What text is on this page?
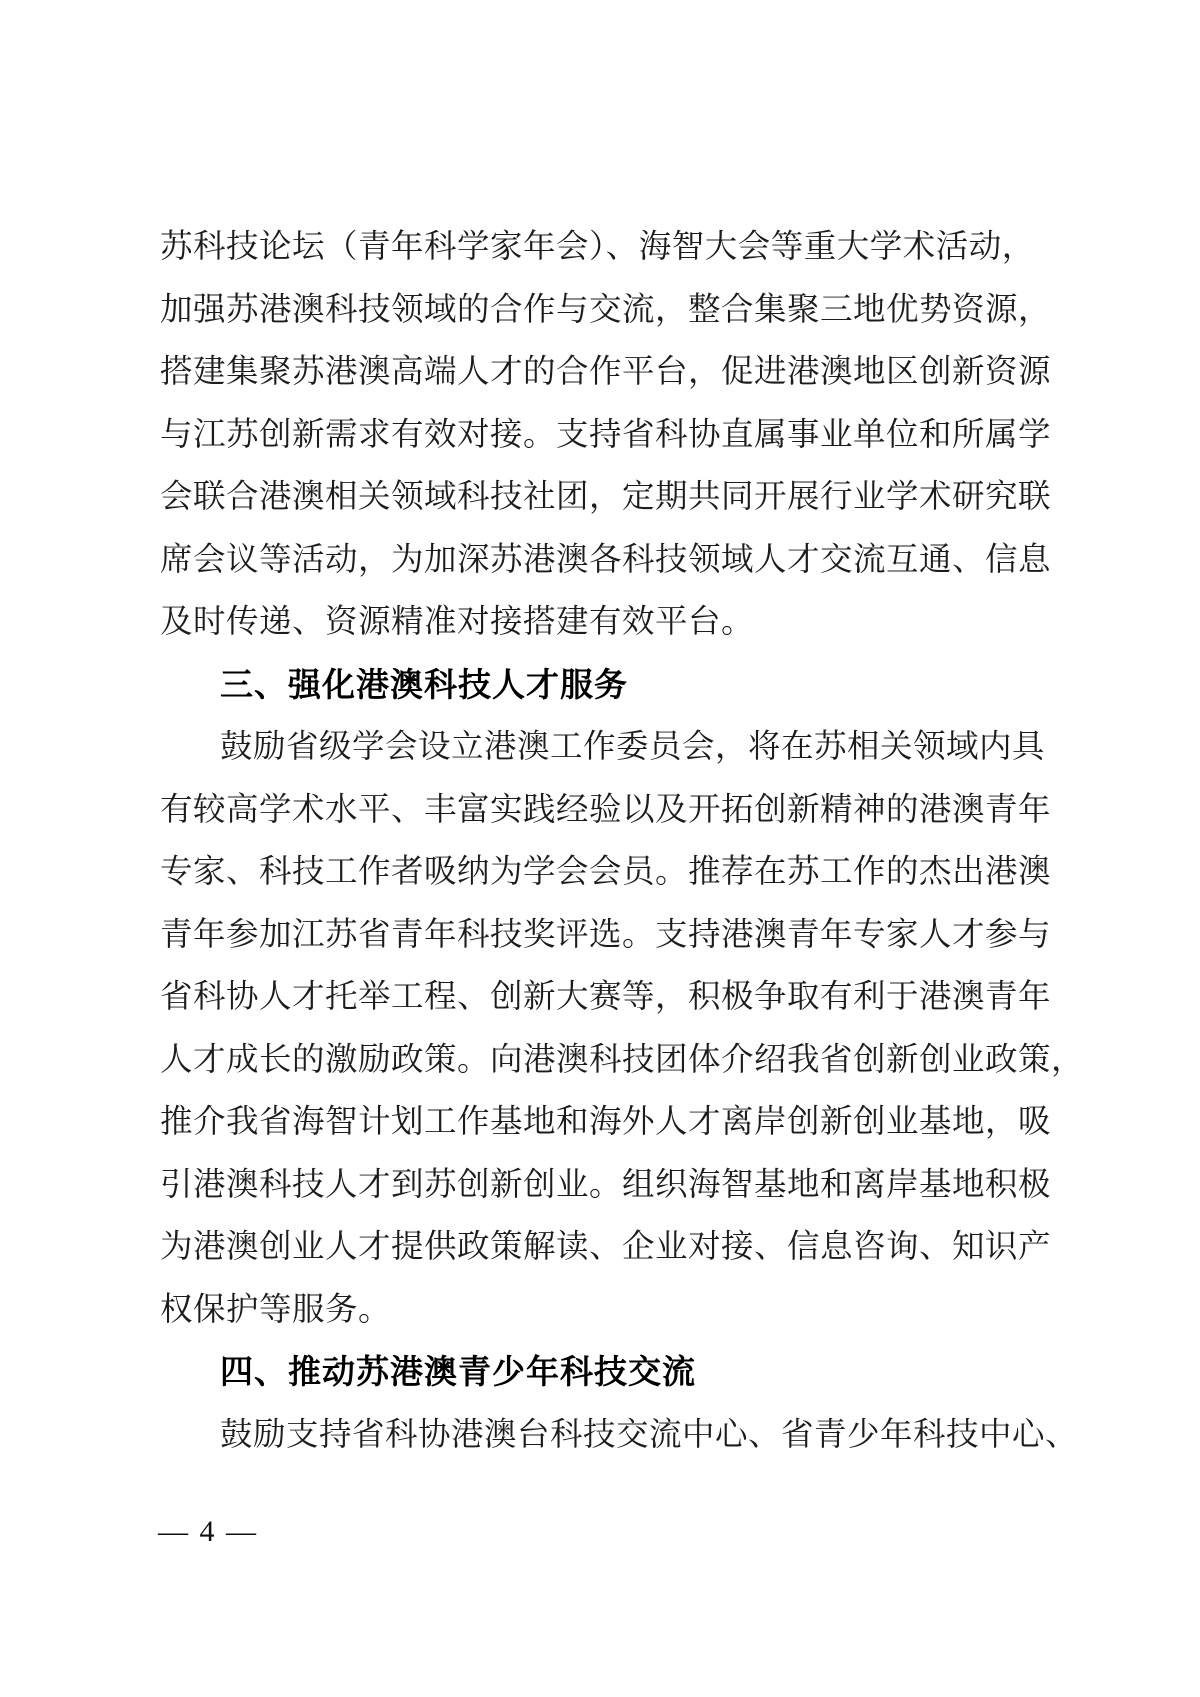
苏科技论坛（青年科学家年会）、海智大会等重大学术活动，
加强苏港澳科技领域的合作与交流，整合集聚三地优势资源，
搭建集聚苏港澳高端人才的合作平台，促进港澳地区创新资源
与江苏创新需求有效对接。支持省科协直属事业单位和所属学
会联合港澳相关领域科技社团，定期共同开展行业学术研究联
席会议等活动，为加深苏港澳各科技领域人才交流互通、信息
及时传递、资源精准对接搭建有效平台。
三、强化港澳科技人才服务
鼓励省级学会设立港澳工作委员会，将在苏相关领域内具
有较高学术水平、丰富实践经验以及开拓创新精神的港澳青年
专家、科技工作者吸纳为学会会员。推荐在苏工作的杰出港澳
青年参加江苏省青年科技奖评选。支持港澳青年专家人才参与
省科协人才托举工程、创新大赛等，积极争取有利于港澳青年
人才成长的激励政策。向港澳科技团体介绍我省创新创业政策，
推介我省海智计划工作基地和海外人才离岸创新创业基地，吸
引港澳科技人才到苏创新创业。组织海智基地和离岸基地积极
为港澳创业人才提供政策解读、企业对接、信息咨询、知识产
权保护等服务。
四、推动苏港澳青少年科技交流
鼓励支持省科协港澳台科技交流中心、省青少年科技中心、
— 4 —
